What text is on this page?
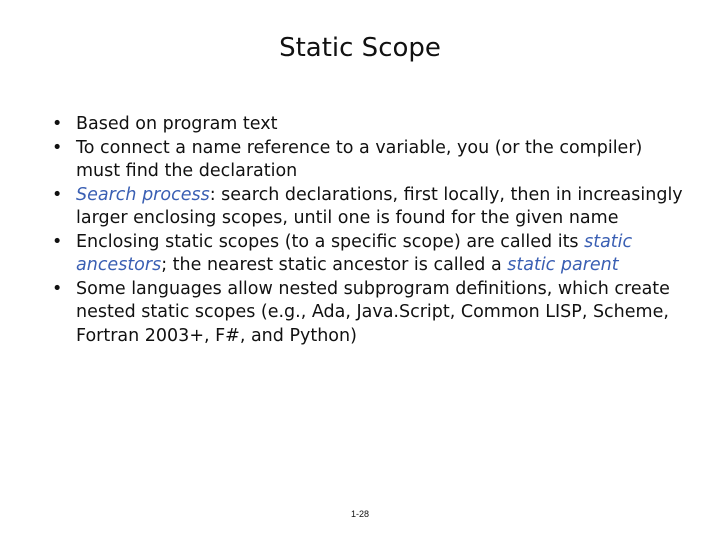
Static Scope
• Based on program text
• To connect a name reference to a variable, you (or the compiler) must find the declaration
• Search process: search declarations, first locally, then in increasingly larger enclosing scopes, until one is found for the given name
• Enclosing static scopes (to a specific scope) are called its static ancestors; the nearest static ancestor is called a static parent
• Some languages allow nested subprogram definitions, which create nested static scopes (e.g., Ada, Java.Script, Common LISP, Scheme, Fortran 2003+, F#, and Python)
1-28
